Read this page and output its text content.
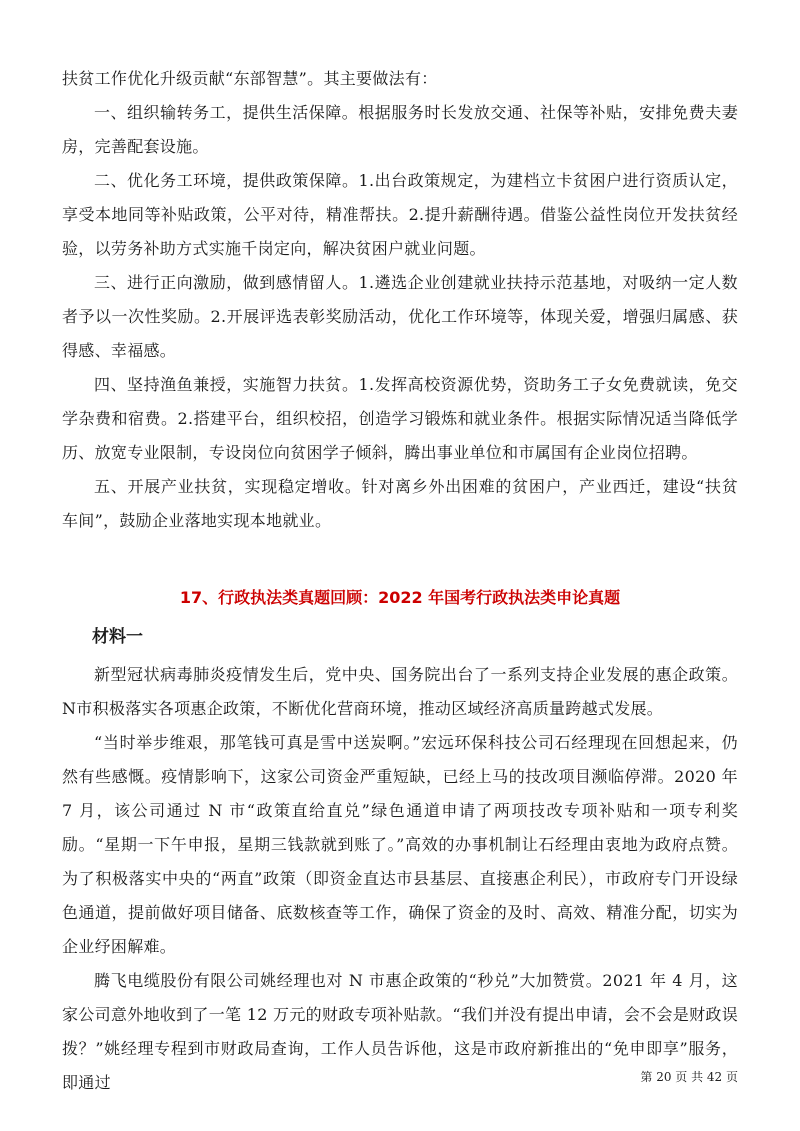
扶贫工作优化升级贡献“东部智慧”。其主要做法有：

一、组织输转务工，提供生活保障。根据服务时长发放交通、社保等补贴，安排免费夫妻房，完善配套设施。

二、优化务工环境，提供政策保障。1.出台政策规定，为建档立卡贫困户进行资质认定，享受本地同等补贴政策，公平对待，精准帮扶。2.提升薪酬待遇。借鉴公益性岗位开发扶贫经验，以劳务补助方式实施千岗定向，解决贫困户就业问题。

三、进行正向激励，做到感情留人。1.遴选企业创建就业扶持示范基地，对吸纳一定人数者予以一次性奖励。2.开展评选表彰奖励活动，优化工作环境等，体现关爱，增强归属感、获得感、幸福感。

四、坚持渔鱼兼授，实施智力扶贫。1.发挥高校资源优势，资助务工子女免费就读，免交学杂费和宿费。2.搭建平台，组织校招，创造学习锻炼和就业条件。根据实际情况适当降低学历、放宽专业限制，专设岗位向贫困学子倾斜，腾出事业单位和市属国有企业岗位招聘。

五、开展产业扶贫，实现稳定增收。针对离乡外出困难的贫困户，产业西迁，建设“扶贫车间”，鼓励企业落地实现本地就业。

17、行政执法类真题回顾：2022 年国考行政执法类申论真题
材料一

新型冠状病毒肺炎疫情发生后，党中央、国务院出台了一系列支持企业发展的惠企政策。N市积极落实各项惠企政策，不断优化营商环境，推动区域经济高质量跨越式发展。

“当时举步维艰，那笔钱可真是雪中送炭啊。”宏远环保科技公司石经理现在回想起来，仍然有些感慨。疫情影响下，这家公司资金严重短缺，已经上马的技改项目濒临停滞。2020 年 7 月，该公司通过 N 市“政策直给直兑”绿色通道申请了两项技改专项补贴和一项专利奖励。“星期一下午申报，星期三钱款就到账了。”高效的办事机制让石经理由衷地为政府点赞。为了积极落实中央的“两直”政策（即资金直达市县基层、直接惠企利民），市政府专门开设绿色通道，提前做好项目储备、底数核查等工作，确保了资金的及时、高效、精准分配，切实为企业纾困解难。

腾飞电缆股份有限公司姚经理也对 N 市惠企政策的“秒兑”大加赞赏。2021 年 4 月，这家公司意外地收到了一笔 12 万元的财政专项补贴款。“我们并没有提出申请，会不会是财政误拨？”姚经理专程到市财政局查询，工作人员告诉他，这是市政府新推出的“免申即享”服务，即通过	第 20 页 共 42 页
